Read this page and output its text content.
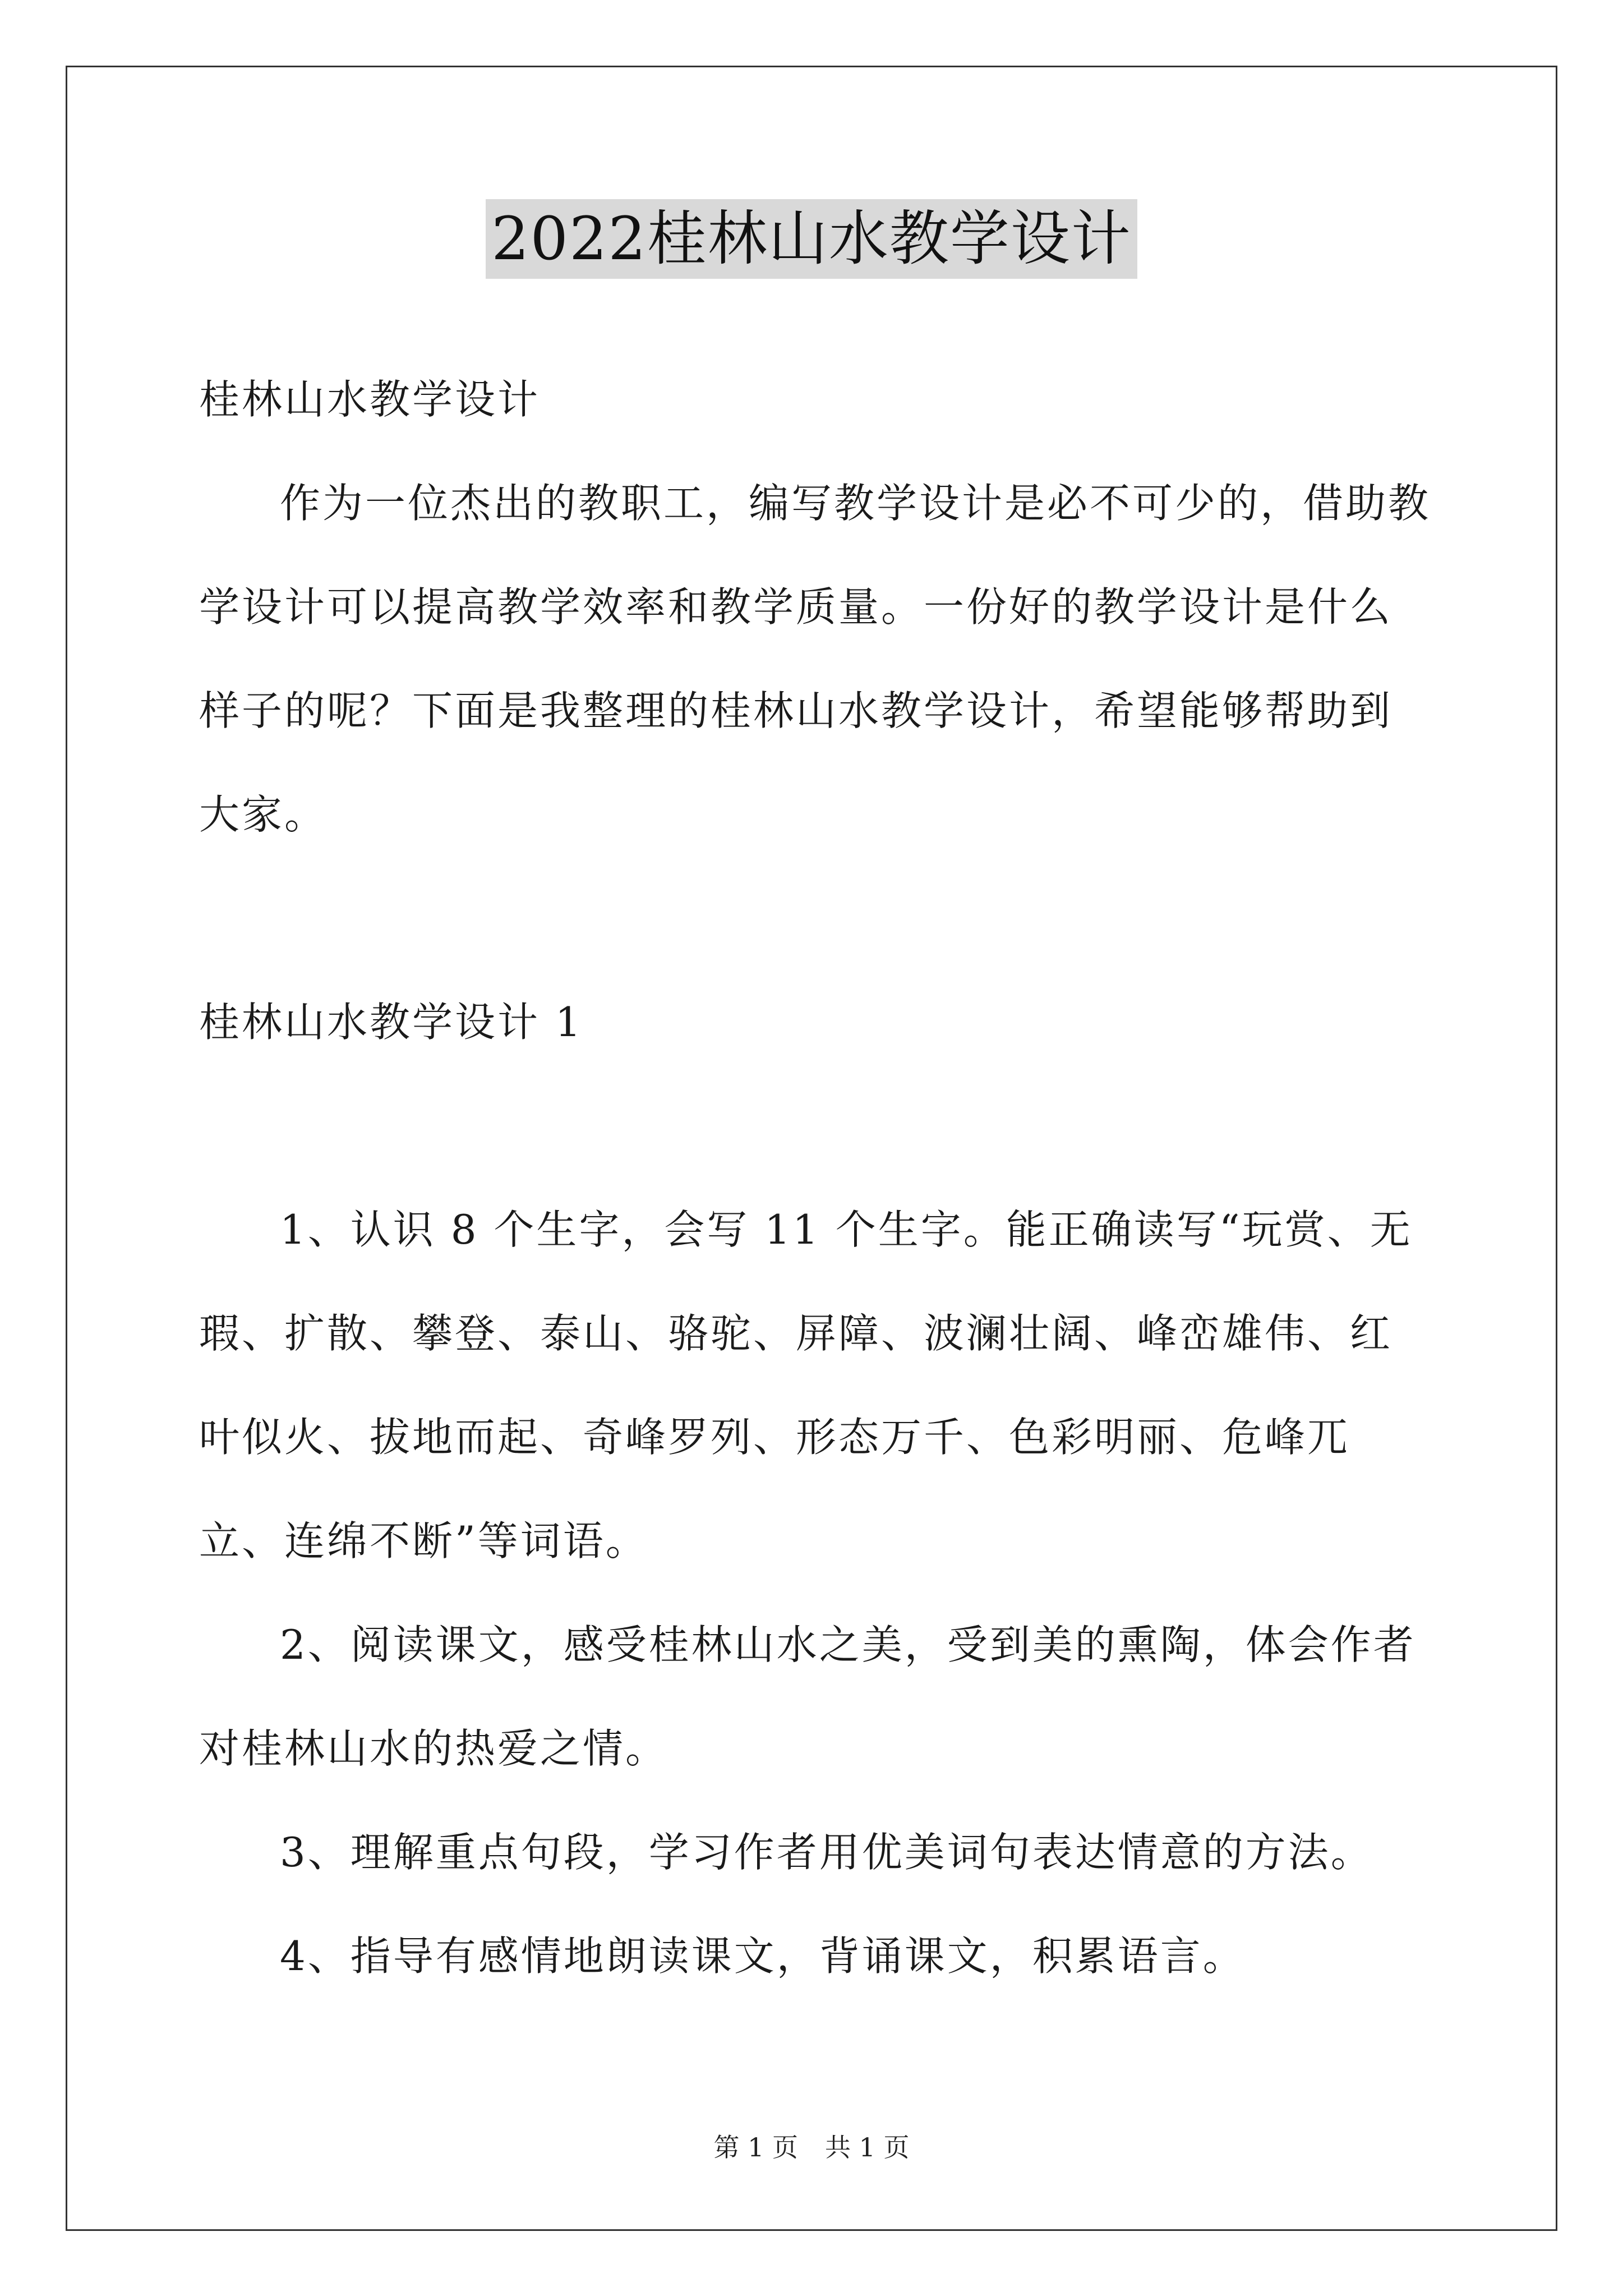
2022桂林山水教学设计

桂林山水教学设计

作为一位杰出的教职工，编写教学设计是必不可少的，借助教学设计可以提高教学效率和教学质量。一份好的教学设计是什么样子的呢？下面是我整理的桂林山水教学设计，希望能够帮助到大家。

桂林山水教学设计 1

1、认识 8 个生字，会写 11 个生字。能正确读写“玩赏、无瑕、扩散、攀登、泰山、骆驼、屏障、波澜壮阔、峰峦雄伟、红叶似火、拔地而起、奇峰罗列、形态万千、色彩明丽、危峰兀立、连绵不断”等词语。

2、阅读课文，感受桂林山水之美，受到美的熏陶，体会作者对桂林山水的热爱之情。

3、理解重点句段，学习作者用优美词句表达情意的方法。

4、指导有感情地朗读课文，背诵课文，积累语言。

第 1 页 共 1 页
